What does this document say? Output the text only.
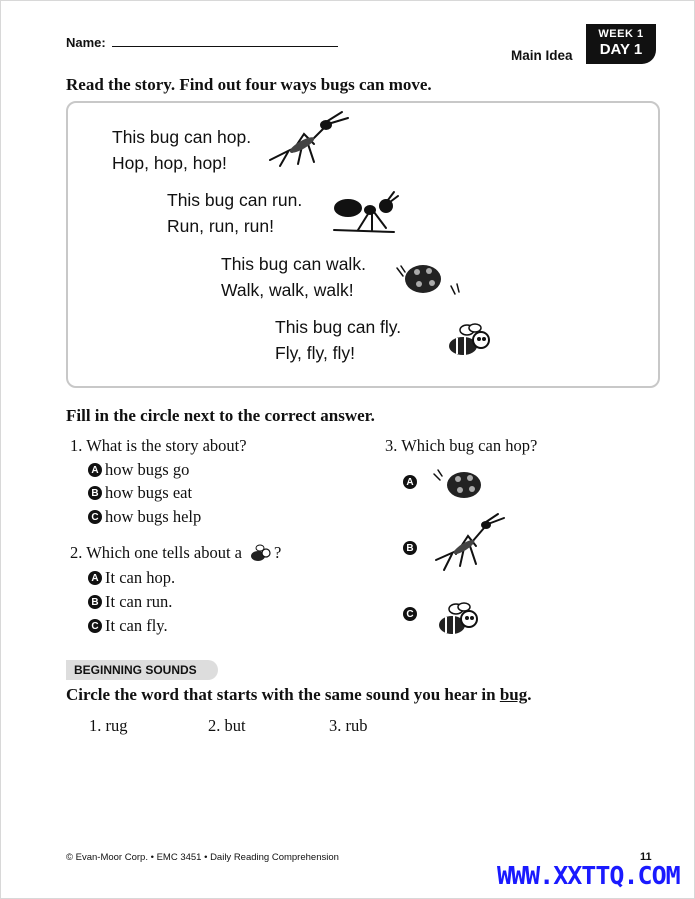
Name:
Main Idea
WEEK 1
DAY 1
Read the story. Find out four ways bugs can move.
This bug can hop.
Hop, hop, hop!
This bug can run.
Run, run, run!
This bug can walk.
Walk, walk, walk!
This bug can fly.
Fly, fly, fly!
Fill in the circle next to the correct answer.
1. What is the story about?
A how bugs go
B how bugs eat
C how bugs help
2. Which one tells about a ?
A It can hop.
B It can run.
C It can fly.
3. Which bug can hop?
A
B
C
BEGINNING SOUNDS
Circle the word that starts with the same sound you hear in bug.
1. rug	2. but	3. rub
© Evan-Moor Corp. • EMC 3451 • Daily Reading Comprehension	11
WWW.XXTTQ.COM
